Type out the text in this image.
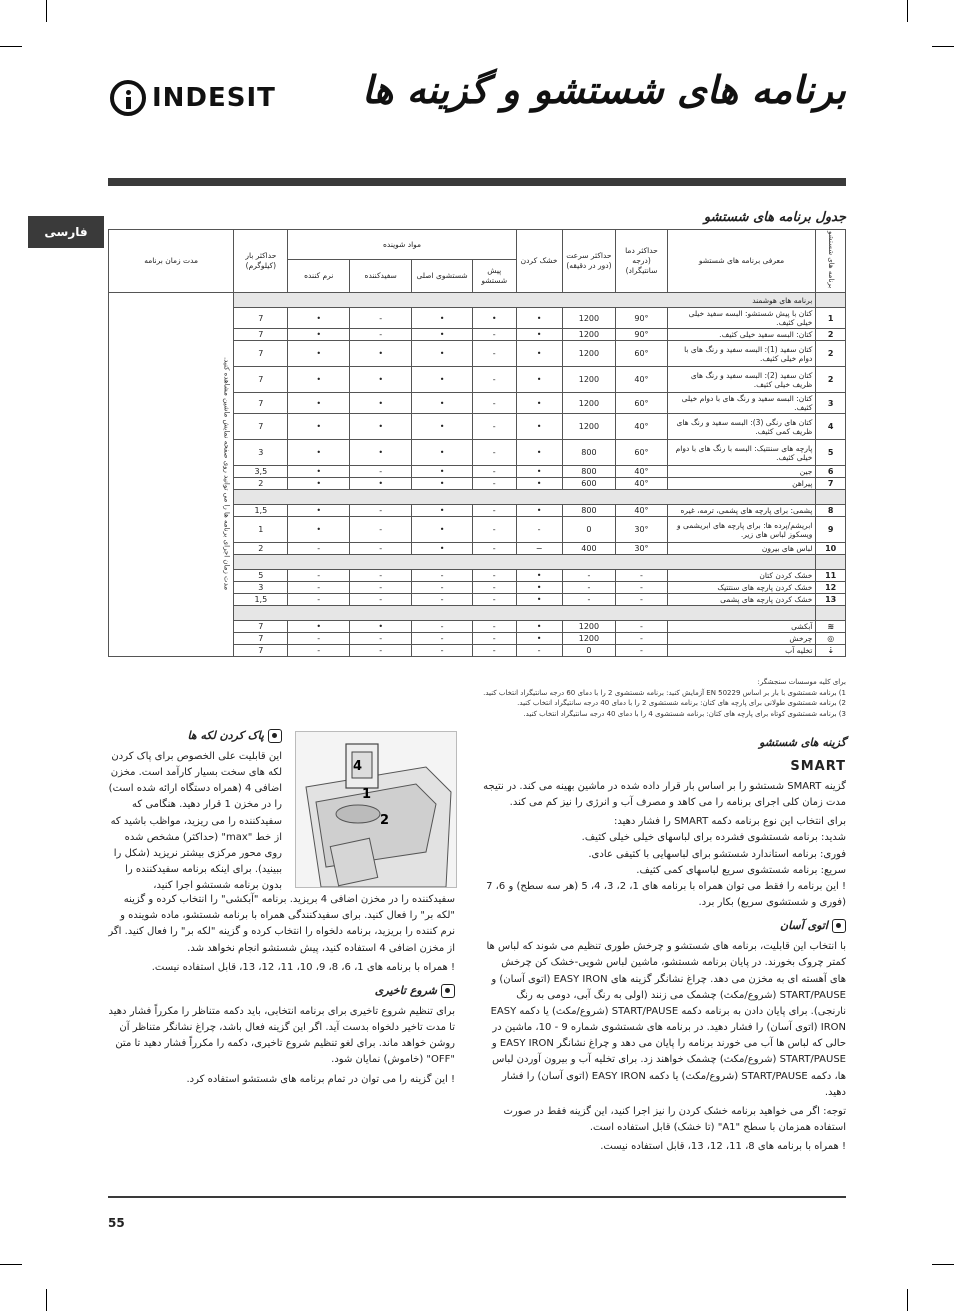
INDESIT برنامه های شستشو و گزینه ها
فارسی
جدول برنامه های شستشو
برنامه های شستشو	معرفی برنامه های شستشو	حداکثر دما (درجه سانتیگراد)	حداکثر سرعت (دور در دقیقه)	خشک کردن	مواد شوینده				حداکثر بار (کیلوگرم)	مدت زمان برنامه
					پیش شستشو	شستشوی اصلی	سفیدکننده	نرم کننده		
	برنامه های هوشمند									مدت زمان اجرای برنامه ها را می توانید روی صفحه نمایش ماشین مشاهده کنید.
1	کتان با پیش شستشو: البسه سفید خیلی خیلی کثیف.	90°	1200	•	•	•	-	•	7	
2	کتان: البسه سفید خیلی کثیف.	90°	1200	•	-	•	-	•	7	
2	کتان سفید (1): البسه سفید و رنگ های با دوام خیلی کثیف.	60°	1200	•	-	•	•	•	7	
2	کتان سفید (2): البسه سفید و رنگ های ظریف خیلی کثیف.	40°	1200	•	-	•	•	•	7	
3	کتان: البسه سفید و رنگ های با دوام خیلی کثیف.	60°	1200	•	-	•	•	•	7	
4	کتان های رنگی (3): البسه سفید و رنگ های ظریف کمی کثیف.	40°	1200	•	-	•	•	•	7	
5	پارچه های سنتتیک: البسه با رنگ های با دوام خیلی کثیف.	60°	800	•	-	•	•	•	3	
6	جین	40°	800	•	-	•	-	•	3,5	
7	پیراهن	40°	600	•	-	•	•	•	2	

8	پشمی: برای پارچه های پشمی، ترمه، غیره	40°	800	•	-	•	-	•	1,5	
9	ابریشم/پرده ها: برای پارچه های ابریشمی و ویسکوز لباس های زیر.	30°	0	-	-	•	-	•	1	
10	لباس های بیرون	30°	400	−	-	•	-	-	2	

11	خشک کردن کتان	-	-	•	-	-	-	-	5	
12	خشک کردن پارچه های سنتتیک	-	-	•	-	-	-	-	3	
13	خشک کردن پارچه های پشمی	-	-	•	-	-	-	-	1,5	

≋	آبکشی	-	1200	•	-	-	•	•	7	
◎	چرخش	-	1200	•	-	-	-	-	7	
⇣	تخلیه آب	-	0	-	-	-	-	-	7	
برای کلیه موسسات سنجشگر:
1) برنامه شستشوی با بار بر اساس EN 50229 آزمایش کنید: برنامه شستشوی 2 را با دمای 60 درجه سانتیگراد انتخاب کنید.
2) برنامه شستشوی طولانی برای پارچه های کتان: برنامه شستشوی 2 را با دمای 40 درجه سانتیگراد انتخاب کنید.
3) برنامه شستشوی کوتاه برای پارچه های کتان: برنامه شستشوی 4 را با دمای 40 درجه سانتیگراد انتخاب کنید.
گزینه های شستشو
SMART

گزینه SMART شستشو را بر اساس بار قرار داده شده در ماشین بهینه می کند. در نتیجه مدت زمان کلی اجرای برنامه را می کاهد و مصرف آب و انرژی را نیز کم می کند.

برای انتخاب این نوع برنامه دکمه SMART را فشار دهید:

شدید: برنامه شستشوی فشرده برای لباسهای خیلی خیلی کثیف.

فوری: برنامه استاندارد شستشو برای لباسهایی با کثیفی عادی.

سریع: برنامه شستشوی سریع لباسهای کمی کثیف.

! این برنامه را فقط می توان همراه با برنامه های 1، 2، 3، 4، 5 (هر سه سطح) و 6، 7 (فوری و شستشوی سریع) بکار برد.

اتوی آسان

با انتخاب این قابلیت، برنامه های شستشو و چرخش طوری تنظیم می شوند که لباس ها کمتر چروک بخورند. در پایان برنامه شستشو، ماشین لباس شویی-خشک کن چرخش های آهسته ای به مخزن می دهد. چراغ نشانگر گزینه های EASY IRON (اتوی آسان) و START/PAUSE (شروع/مکث) چشمک می زنند (اولی به رنگ آبی، دومی به رنگ نارنجی). برای پایان دادن به برنامه دکمه START/PAUSE (شروع/مکث) یا دکمه EASY IRON (اتوی آسان) را فشار دهید. در برنامه های شستشوی شماره 9 - 10، ماشین در حالی که لباس ها آب می خورند برنامه را پایان می دهد و چراغ نشانگر EASY IRON و START/PAUSE (شروع/مکث) چشمک خواهند زد. برای تخلیه آب و بیرون آوردن لباس ها، دکمه START/PAUSE (شروع/مکث) یا دکمه EASY IRON (اتوی آسان) را فشار دهید.

توجه: اگر می خواهید برنامه خشک کردن را نیز اجرا کنید، این گزینه فقط در صورت استفاده همزمان با سطح "A1" (تا خشک) قابل استفاده است.

! همراه با برنامه های 8، 11، 12، 13، قابل استفاده نیست.

4
1
2
پاک کردن لکه ها

این قابلیت علی الخصوص برای پاک کردن لکه های سخت بسیار کارآمد است. مخزن اضافی 4 (همراه دستگاه ارائه شده است) را در مخزن 1 قرار دهید. هنگامی که سفیدکننده را می ریزید، مواظب باشید که از خط "max" (حداکثر) مشخص شده روی محور مرکزی بیشتر نریزید (شکل را ببینید). برای اینکه برنامه سفیدکننده را بدون برنامه شستشو اجرا کنید،

سفیدکننده را در مخزن اضافی 4 بریزید. برنامه "آبکشی" را انتخاب کرده و گزینه "لکه بر" را فعال کنید. برای سفیدکنندگی همراه با برنامه شستشو، ماده شوینده و نرم کننده را بریزید، برنامه دلخواه را انتخاب کرده و گزینه "لکه بر" را فعال کنید. اگر از مخزن اضافی 4 استفاده کنید، پیش شستشو انجام نخواهد شد.

! همراه با برنامه های 1، 6، 8، 9، 10، 11، 12، 13، قابل استفاده نیست.

شروع تاخیری

برای تنظیم شروع تاخیری برای برنامه انتخابی، باید دکمه متناظر را مکرراً فشار دهید تا مدت تاخیر دلخواه بدست آید. اگر این گزینه فعال باشد، چراغ نشانگر متناظر آن روشن خواهد ماند. برای لغو تنظیم شروع تاخیری، دکمه را مکرراً فشار دهید تا متن "OFF" (خاموش) نمایان شود.

! این گزینه را می توان در تمام برنامه های شستشو استفاده کرد.

55
